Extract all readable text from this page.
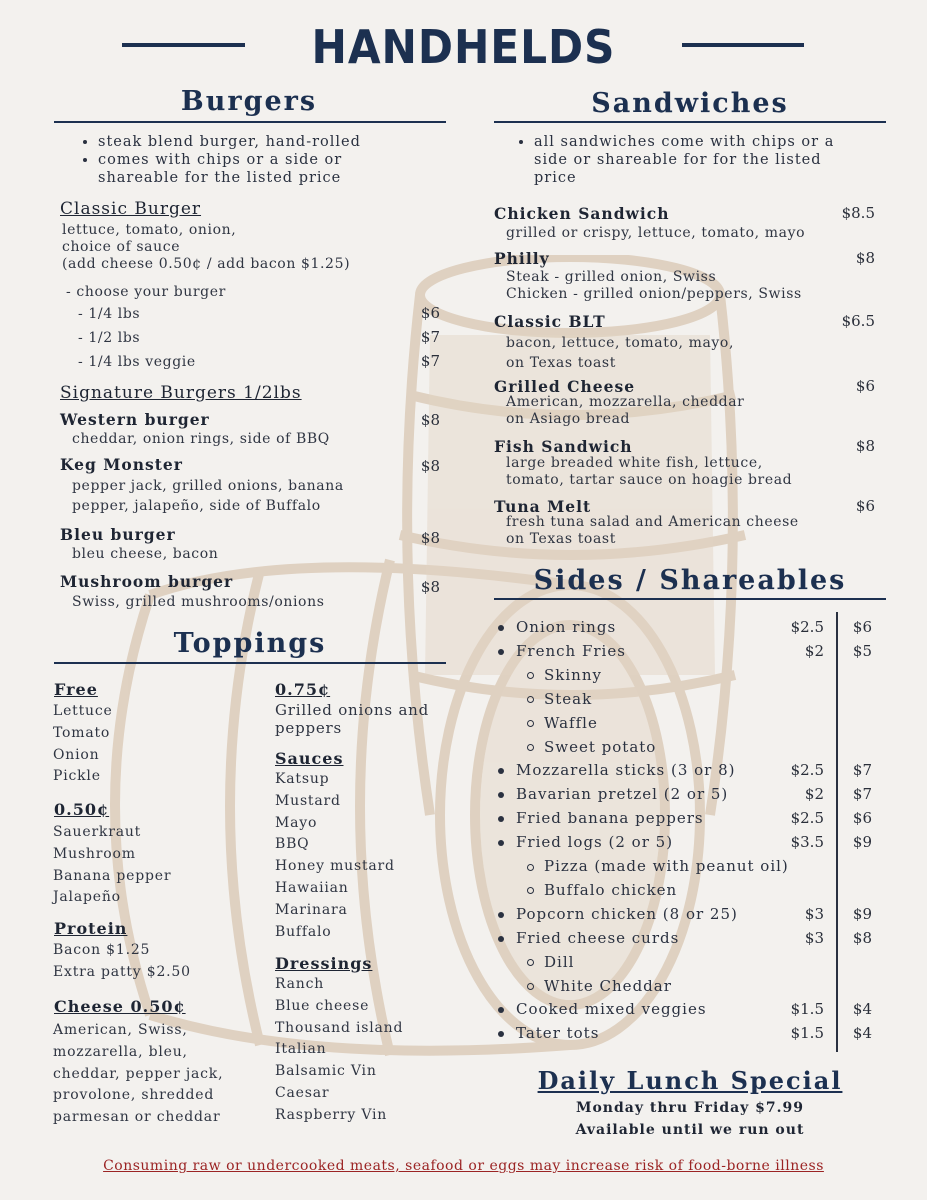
HANDHELDS
Burgers
• steak blend burger, hand-rolled
• comes with chips or a side or
shareable for the listed price
Classic Burger
lettuce, tomato, onion,
choice of sauce
(add cheese 0.50¢ / add bacon $1.25)
- choose your burger
- 1/4 lbs	$6
- 1/2 lbs	$7
- 1/4 lbs veggie	$7
Signature Burgers 1/2lbs
Western burger	$8
cheddar, onion rings, side of BBQ
Keg Monster	$8
pepper jack, grilled onions, banana
pepper, jalapeño, side of Buffalo
Bleu burger	$8
bleu cheese, bacon
Mushroom burger	$8
Swiss, grilled mushrooms/onions
Toppings
Free
Lettuce
Tomato
Onion
Pickle
0.50¢
Sauerkraut
Mushroom
Banana pepper
Jalapeño
Protein
Bacon $1.25
Extra patty $2.50
Cheese 0.50¢
American, Swiss,
mozzarella, bleu,
cheddar, pepper jack,
provolone, shredded
parmesan or cheddar
0.75¢
Grilled onions and
peppers
Sauces
Katsup
Mustard
Mayo
BBQ
Honey mustard
Hawaiian
Marinara
Buffalo
Dressings
Ranch
Blue cheese
Thousand island
Italian
Balsamic Vin
Caesar
Raspberry Vin
Sandwiches
• all sandwiches come with chips or a
side or shareable for for the listed
price
Chicken Sandwich	$8.5
grilled or crispy, lettuce, tomato, mayo
Philly	$8
Steak - grilled onion, Swiss
Chicken - grilled onion/peppers, Swiss
Classic BLT	$6.5
bacon, lettuce, tomato, mayo,
on Texas toast
Grilled Cheese	$6
American, mozzarella, cheddar
on Asiago bread
Fish Sandwich	$8
large breaded white fish, lettuce,
tomato, tartar sauce on hoagie bread
Tuna Melt	$6
fresh tuna salad and American cheese
on Texas toast
Sides / Shareables
Onion rings	$2.5	$6
French Fries	$2	$5
Skinny
Steak
Waffle
Sweet potato
Mozzarella sticks (3 or 8)	$2.5	$7
Bavarian pretzel (2 or 5)	$2	$7
Fried banana peppers	$2.5	$6
Fried logs (2 or 5)	$3.5	$9
Pizza (made with peanut oil)
Buffalo chicken
Popcorn chicken (8 or 25)	$3	$9
Fried cheese curds	$3	$8
Dill
White Cheddar
Cooked mixed veggies	$1.5	$4
Tater tots	$1.5	$4
Daily Lunch Special
Monday thru Friday $7.99
Available until we run out
Consuming raw or undercooked meats, seafood or eggs may increase risk of food-borne illness
